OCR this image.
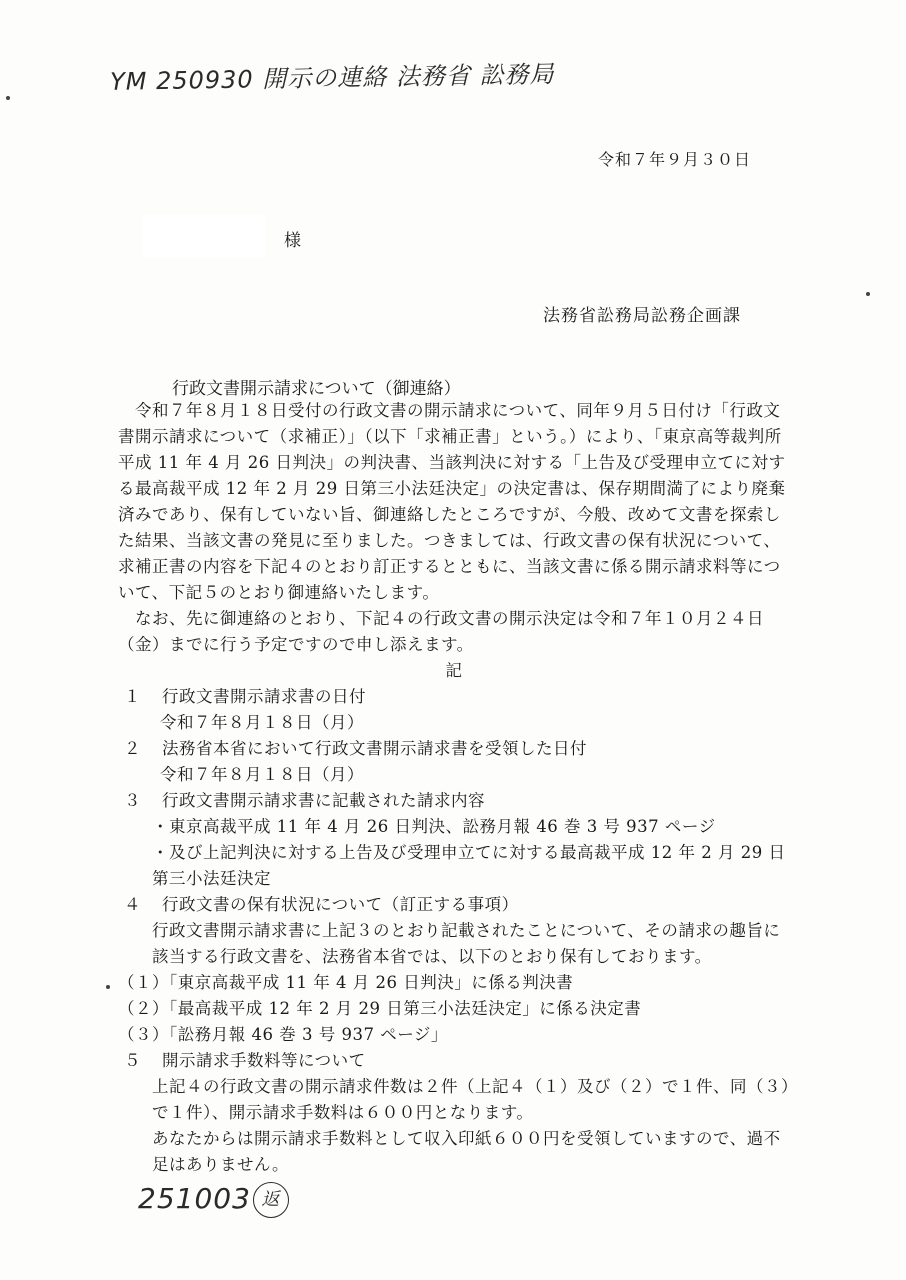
YM 250930 開示の連絡 法務省 訟務局
令和７年９月３０日
様
法務省訟務局訟務企画課
行政文書開示請求について（御連絡）

　令和７年８月１８日受付の行政文書の開示請求について、同年９月５日付け「行政文書開示請求について（求補正）」（以下「求補正書」という。）により、「東京高等裁判所平成 11 年 4 月 26 日判決」の判決書、当該判決に対する「上告及び受理申立てに対する最高裁平成 12 年 2 月 29 日第三小法廷決定」の決定書は、保存期間満了により廃棄済みであり、保有していない旨、御連絡したところですが、今般、改めて文書を探索した結果、当該文書の発見に至りました。つきましては、行政文書の保有状況について、求補正書の内容を下記４のとおり訂正するとともに、当該文書に係る開示請求料等について、下記５のとおり御連絡いたします。

　なお、先に御連絡のとおり、下記４の行政文書の開示決定は令和７年１０月２４日（金）までに行う予定ですので申し添えます。

記

１ 行政文書開示請求書の日付

令和７年８月１８日（月）

２ 法務省本省において行政文書開示請求書を受領した日付

令和７年８月１８日（月）

３ 行政文書開示請求書に記載された請求内容

・東京高裁平成 11 年 4 月 26 日判決、訟務月報 46 巻 3 号 937 ページ

・及び上記判決に対する上告及び受理申立てに対する最高裁平成 12 年 2 月 29 日第三小法廷決定

４ 行政文書の保有状況について（訂正する事項）

行政文書開示請求書に上記３のとおり記載されたことについて、その請求の趣旨に該当する行政文書を、法務省本省では、以下のとおり保有しております。

（１）「東京高裁平成 11 年 4 月 26 日判決」に係る判決書

（２）「最高裁平成 12 年 2 月 29 日第三小法廷決定」に係る決定書

（３）「訟務月報 46 巻 3 号 937 ページ」

５ 開示請求手数料等について

上記４の行政文書の開示請求件数は２件（上記４（１）及び（２）で１件、同（３）で１件）、開示請求手数料は６００円となります。

あなたからは開示請求手数料として収入印紙６００円を受領していますので、過不足はありません。

251003 返
